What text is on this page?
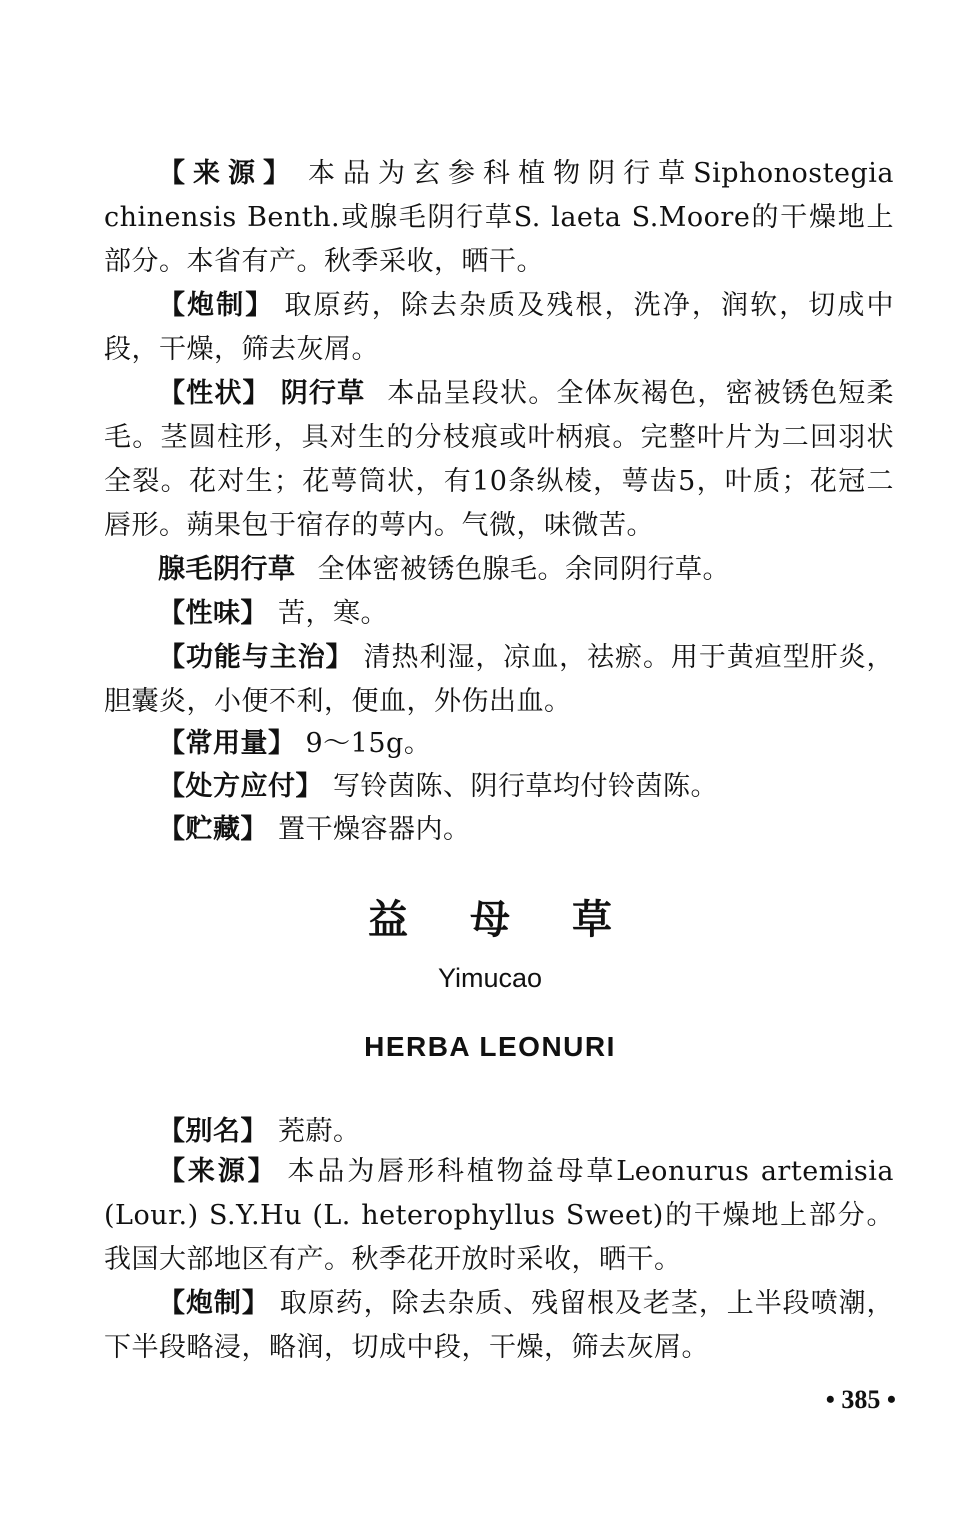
【来源】 本品为玄参科植物阴行草Siphonostegia chinensis Benth.或腺毛阴行草S. laeta S.Moore的干燥地上部分。本省有产。秋季采收，晒干。

【炮制】 取原药，除去杂质及残根，洗净，润软，切成中段，干燥，筛去灰屑。

【性状】 阴行草 本品呈段状。全体灰褐色，密被锈色短柔毛。茎圆柱形，具对生的分枝痕或叶柄痕。完整叶片为二回羽状全裂。花对生；花萼筒状，有10条纵棱，萼齿5，叶质；花冠二唇形。蒴果包于宿存的萼内。气微，味微苦。

腺毛阴行草 全体密被锈色腺毛。余同阴行草。

【性味】 苦，寒。

【功能与主治】 清热利湿，凉血，祛瘀。用于黄疸型肝炎，胆囊炎，小便不利，便血，外伤出血。

【常用量】 9～15g。

【处方应付】 写铃茵陈、阴行草均付铃茵陈。

【贮藏】 置干燥容器内。

益母草
Yimucao
HERBA LEONURI

【别名】 茺蔚。

【来源】 本品为唇形科植物益母草Leonurus artemisia (Lour.) S.Y.Hu (L. heterophyllus Sweet)的干燥地上部分。我国大部地区有产。秋季花开放时采收，晒干。

【炮制】 取原药，除去杂质、残留根及老茎，上半段喷潮，下半段略浸，略润，切成中段，干燥，筛去灰屑。

• 385 •
